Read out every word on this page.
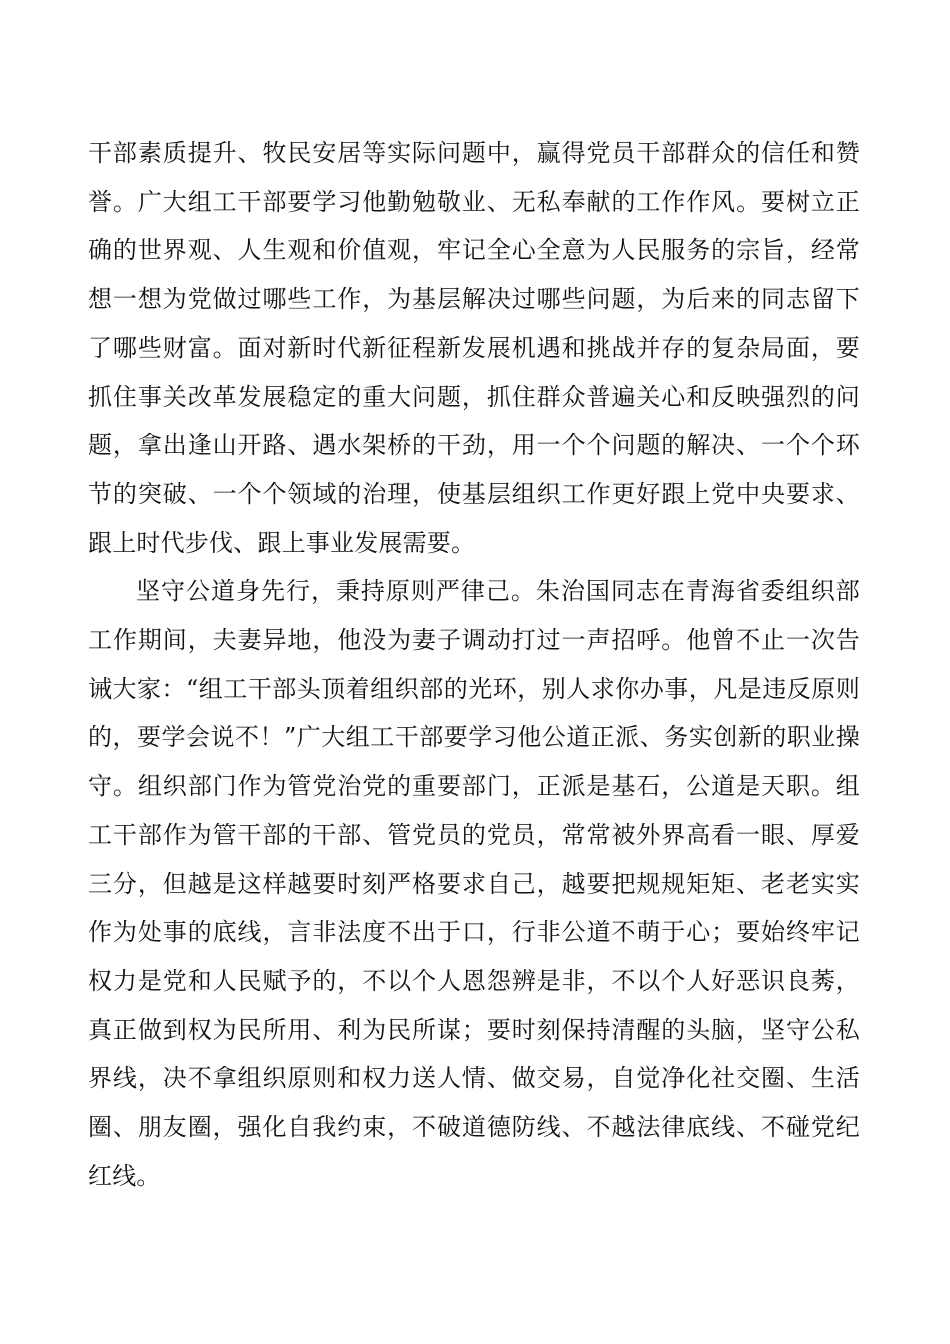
干部素质提升、牧民安居等实际问题中，赢得党员干部群众的信任和赞誉。广大组工干部要学习他勤勉敬业、无私奉献的工作作风。要树立正确的世界观、人生观和价值观，牢记全心全意为人民服务的宗旨，经常想一想为党做过哪些工作，为基层解决过哪些问题，为后来的同志留下了哪些财富。面对新时代新征程新发展机遇和挑战并存的复杂局面，要抓住事关改革发展稳定的重大问题，抓住群众普遍关心和反映强烈的问题，拿出逢山开路、遇水架桥的干劲，用一个个问题的解决、一个个环节的突破、一个个领域的治理，使基层组织工作更好跟上党中央要求、跟上时代步伐、跟上事业发展需要。

坚守公道身先行，秉持原则严律己。朱治国同志在青海省委组织部工作期间，夫妻异地，他没为妻子调动打过一声招呼。他曾不止一次告诫大家：“组工干部头顶着组织部的光环，别人求你办事，凡是违反原则的，要学会说不！”广大组工干部要学习他公道正派、务实创新的职业操守。组织部门作为管党治党的重要部门，正派是基石，公道是天职。组工干部作为管干部的干部、管党员的党员，常常被外界高看一眼、厚爱三分，但越是这样越要时刻严格要求自己，越要把规规矩矩、老老实实作为处事的底线，言非法度不出于口，行非公道不萌于心；要始终牢记权力是党和人民赋予的，不以个人恩怨辨是非，不以个人好恶识良莠，真正做到权为民所用、利为民所谋；要时刻保持清醒的头脑，坚守公私界线，决不拿组织原则和权力送人情、做交易，自觉净化社交圈、生活圈、朋友圈，强化自我约束，不破道德防线、不越法律底线、不碰党纪红线。
